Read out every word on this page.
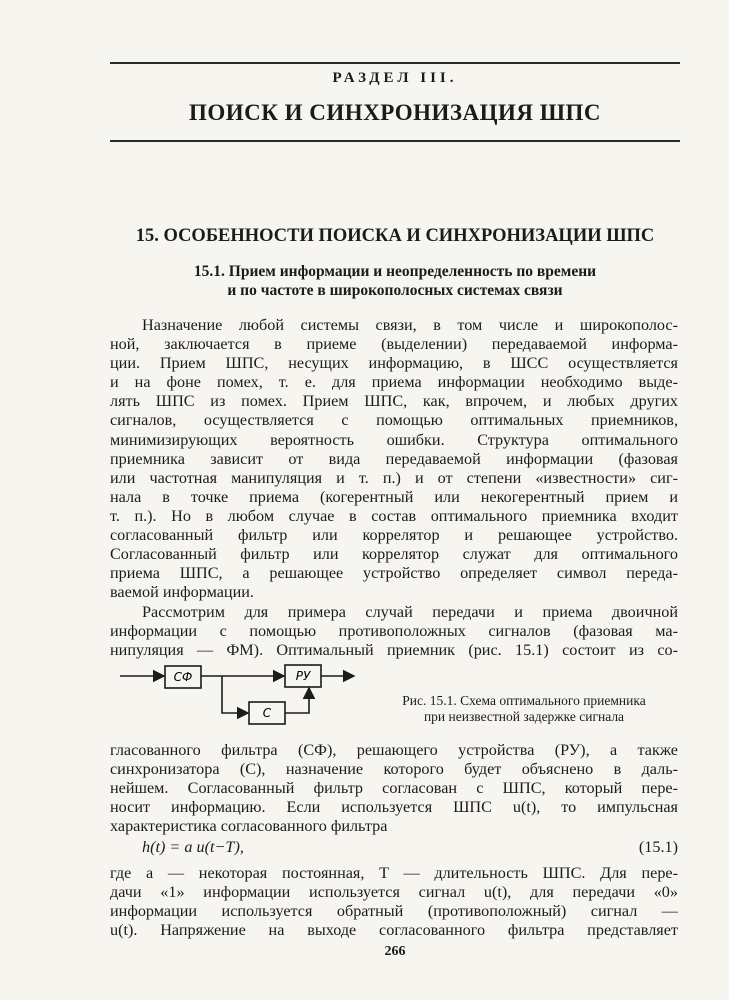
РАЗДЕЛ III.
ПОИСК И СИНХРОНИЗАЦИЯ ШПС
15. ОСОБЕННОСТИ ПОИСКА И СИНХРОНИЗАЦИИ ШПС
15.1. Прием информации и неопределенность по времени
и по частоте в широкополосных системах связи
Назначение любой системы связи, в том числе и широкополос-
ной, заключается в приеме (выделении) передаваемой информа-
ции. Прием ШПС, несущих информацию, в ШСС осуществляется
и на фоне помех, т. е. для приема информации необходимо выде-
лять ШПС из помех. Прием ШПС, как, впрочем, и любых других
сигналов, осуществляется с помощью оптимальных приемников,
минимизирующих вероятность ошибки. Структура оптимального
приемника зависит от вида передаваемой информации (фазовая
или частотная манипуляция и т. п.) и от степени «известности» сиг-
нала в точке приема (когерентный или некогерентный прием и
т. п.). Но в любом случае в состав оптимального приемника входит
согласованный фильтр или коррелятор и решающее устройство.
Согласованный фильтр или коррелятор служат для оптимального
приема ШПС, а решающее устройство определяет символ переда-
ваемой информации.
Рассмотрим для примера случай передачи и приема двоичной
информации с помощью противоположных сигналов (фазовая ма-
нипуляция — ФМ). Оптимальный приемник (рис. 15.1) состоит из со-
СФ	РУ
С
Рис. 15.1. Схема оптимального приемника
при неизвестной задержке сигнала
гласованного фильтра (СФ), решающего устройства (РУ), а также
синхронизатора (С), назначение которого будет объяснено в даль-
нейшем. Согласованный фильтр согласован с ШПС, который пере-
носит информацию. Если используется ШПС u(t), то импульсная
характеристика согласованного фильтра
h(t) = a u(t−T),	(15.1)
где a — некоторая постоянная, T — длительность ШПС. Для пере-
дачи «1» информации используется сигнал u(t), для передачи «0»
информации используется обратный (противоположный) сигнал —
u(t). Напряжение на выходе согласованного фильтра представляет
266
